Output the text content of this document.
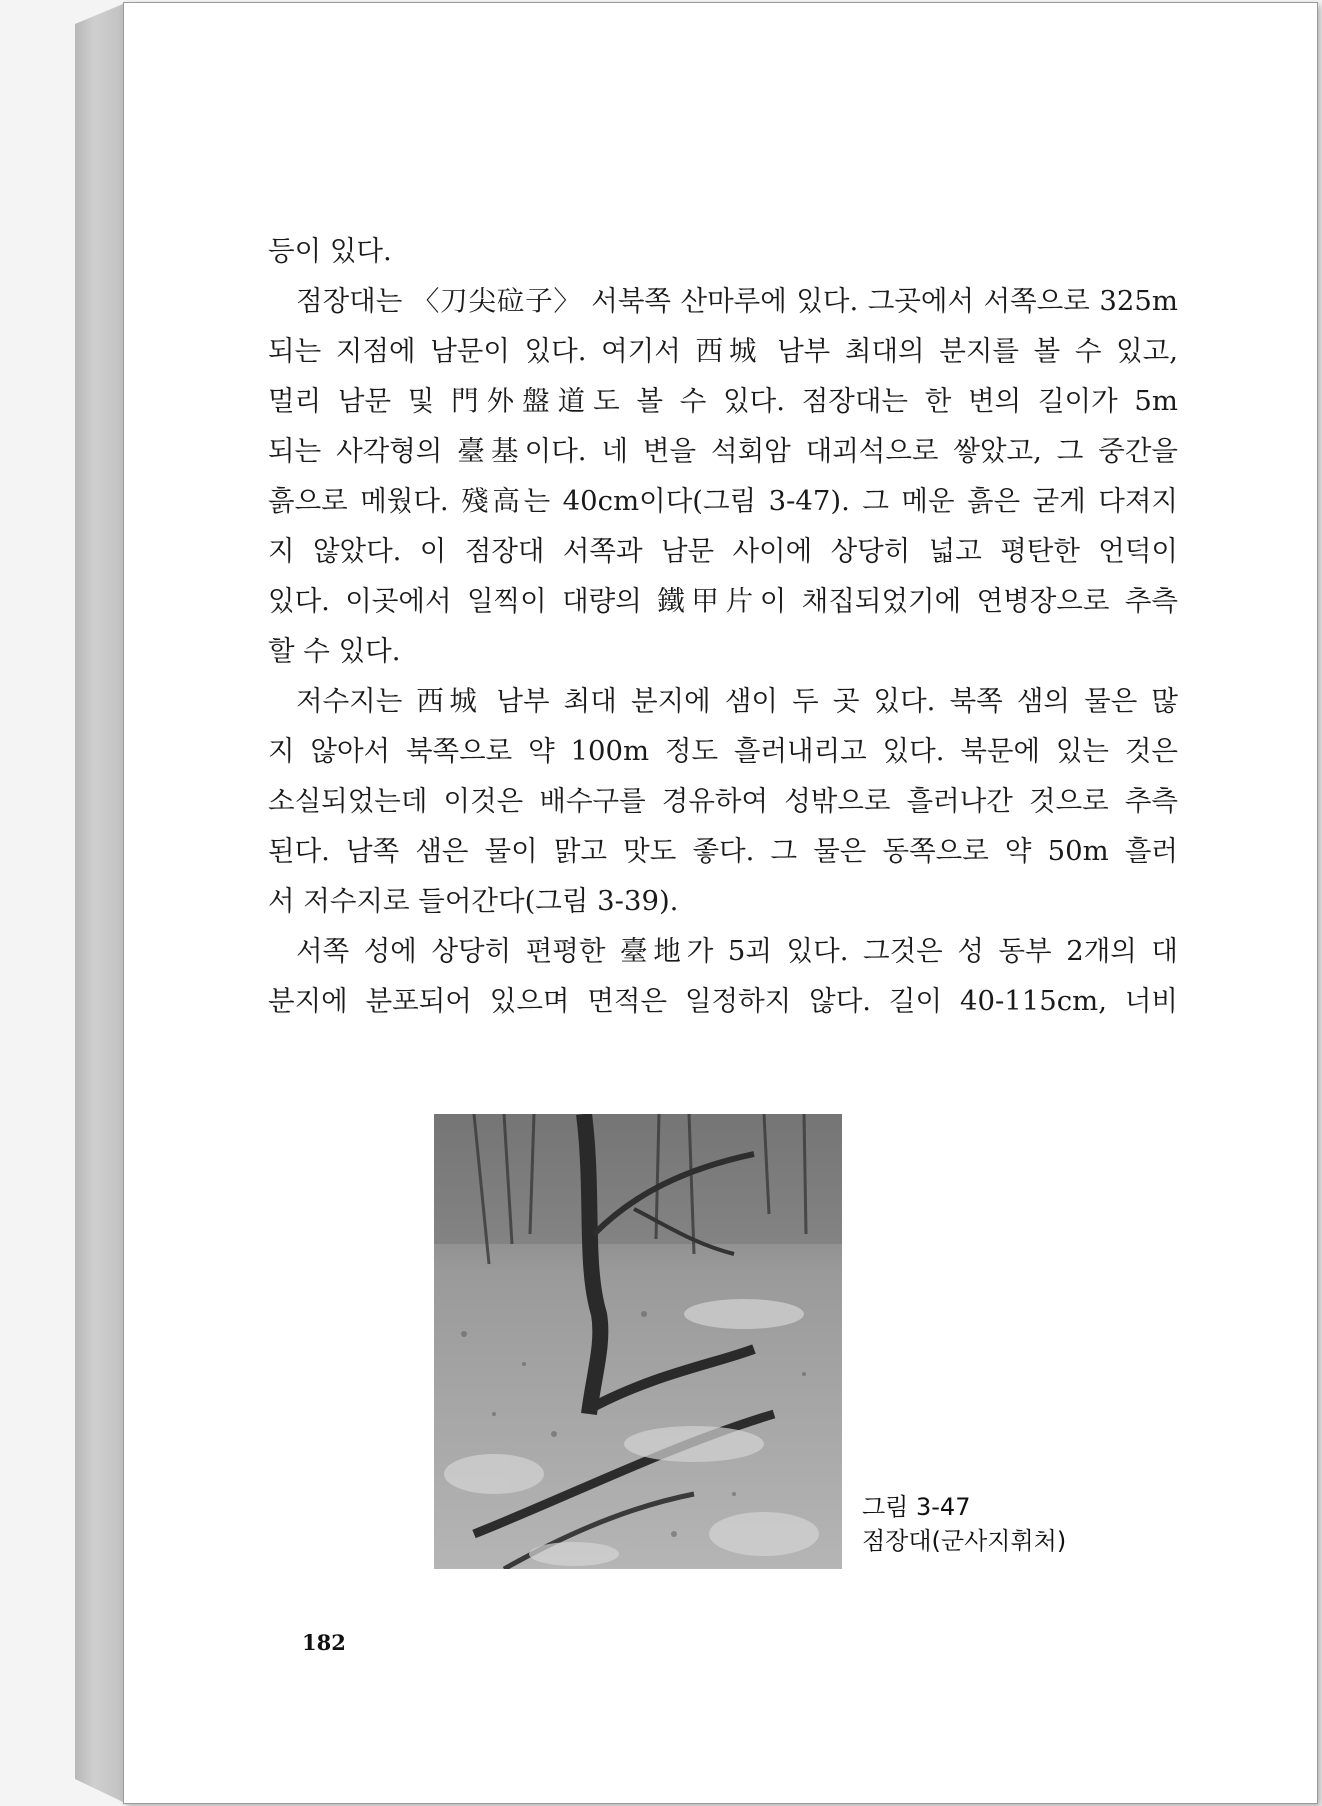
등이 있다.

점장대는 〈刀尖砬子〉 서북쪽 산마루에 있다. 그곳에서 서쪽으로 325m

되는 지점에 남문이 있다. 여기서 西城 남부 최대의 분지를 볼 수 있고,

멀리 남문 및 門外盤道도 볼 수 있다. 점장대는 한 변의 길이가 5m

되는 사각형의 臺基이다. 네 변을 석회암 대괴석으로 쌓았고, 그 중간을

흙으로 메웠다. 殘高는 40cm이다(그림 3-47). 그 메운 흙은 굳게 다져지

지 않았다. 이 점장대 서쪽과 남문 사이에 상당히 넓고 평탄한 언덕이

있다. 이곳에서 일찍이 대량의 鐵甲片이 채집되었기에 연병장으로 추측

할 수 있다.

저수지는 西城 남부 최대 분지에 샘이 두 곳 있다. 북쪽 샘의 물은 많

지 않아서 북쪽으로 약 100m 정도 흘러내리고 있다. 북문에 있는 것은

소실되었는데 이것은 배수구를 경유하여 성밖으로 흘러나간 것으로 추측

된다. 남쪽 샘은 물이 맑고 맛도 좋다. 그 물은 동쪽으로 약 50m 흘러

서 저수지로 들어간다(그림 3-39).

서쪽 성에 상당히 편평한 臺地가 5괴 있다. 그것은 성 동부 2개의 대

분지에 분포되어 있으며 면적은 일정하지 않다. 길이 40-115cm, 너비

그림 3-47
점장대(군사지휘처)
182
